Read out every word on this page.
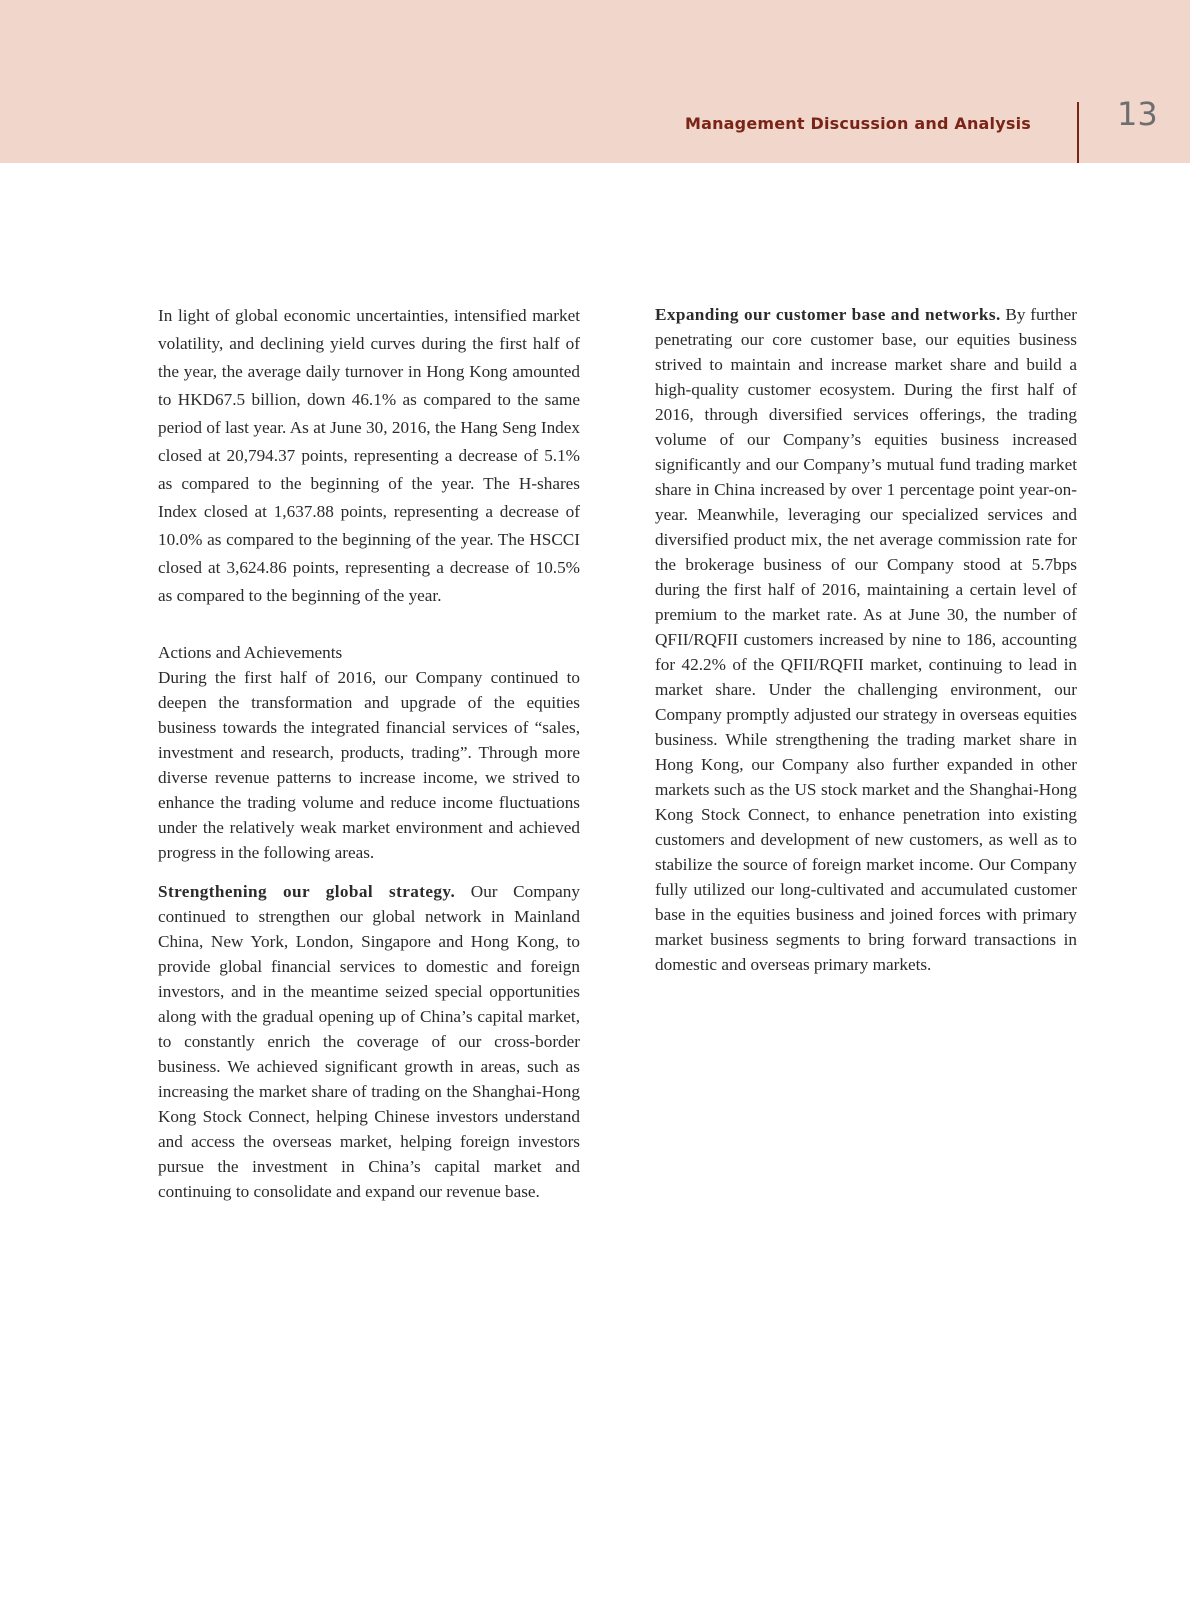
Management Discussion and Analysis	13

In light of global economic uncertainties, intensified market volatility, and declining yield curves during the first half of the year, the average daily turnover in Hong Kong amounted to HKD67.5 billion, down 46.1% as compared to the same period of last year. As at June 30, 2016, the Hang Seng Index closed at 20,794.37 points, representing a decrease of 5.1% as compared to the beginning of the year. The H-shares Index closed at 1,637.88 points, representing a decrease of 10.0% as compared to the beginning of the year. The HSCCI closed at 3,624.86 points, representing a decrease of 10.5% as compared to the beginning of the year.

Actions and Achievements

During the first half of 2016, our Company continued to deepen the transformation and upgrade of the equities business towards the integrated financial services of “sales, investment and research, products, trading”. Through more diverse revenue patterns to increase income, we strived to enhance the trading volume and reduce income fluctuations under the relatively weak market environment and achieved progress in the following areas.

Strengthening our global strategy. Our Company continued to strengthen our global network in Mainland China, New York, London, Singapore and Hong Kong, to provide global financial services to domestic and foreign investors, and in the meantime seized special opportunities along with the gradual opening up of China’s capital market, to constantly enrich the coverage of our cross-border business. We achieved significant growth in areas, such as increasing the market share of trading on the Shanghai-Hong Kong Stock Connect, helping Chinese investors understand and access the overseas market, helping foreign investors pursue the investment in China’s capital market and continuing to consolidate and expand our revenue base.

Expanding our customer base and networks. By further penetrating our core customer base, our equities business strived to maintain and increase market share and build a high-quality customer ecosystem. During the first half of 2016, through diversified services offerings, the trading volume of our Company’s equities business increased significantly and our Company’s mutual fund trading market share in China increased by over 1 percentage point year-on-year. Meanwhile, leveraging our specialized services and diversified product mix, the net average commission rate for the brokerage business of our Company stood at 5.7bps during the first half of 2016, maintaining a certain level of premium to the market rate. As at June 30, the number of QFII/RQFII customers increased by nine to 186, accounting for 42.2% of the QFII/RQFII market, continuing to lead in market share. Under the challenging environment, our Company promptly adjusted our strategy in overseas equities business. While strengthening the trading market share in Hong Kong, our Company also further expanded in other markets such as the US stock market and the Shanghai-Hong Kong Stock Connect, to enhance penetration into existing customers and development of new customers, as well as to stabilize the source of foreign market income. Our Company fully utilized our long-cultivated and accumulated customer base in the equities business and joined forces with primary market business segments to bring forward transactions in domestic and overseas primary markets.
